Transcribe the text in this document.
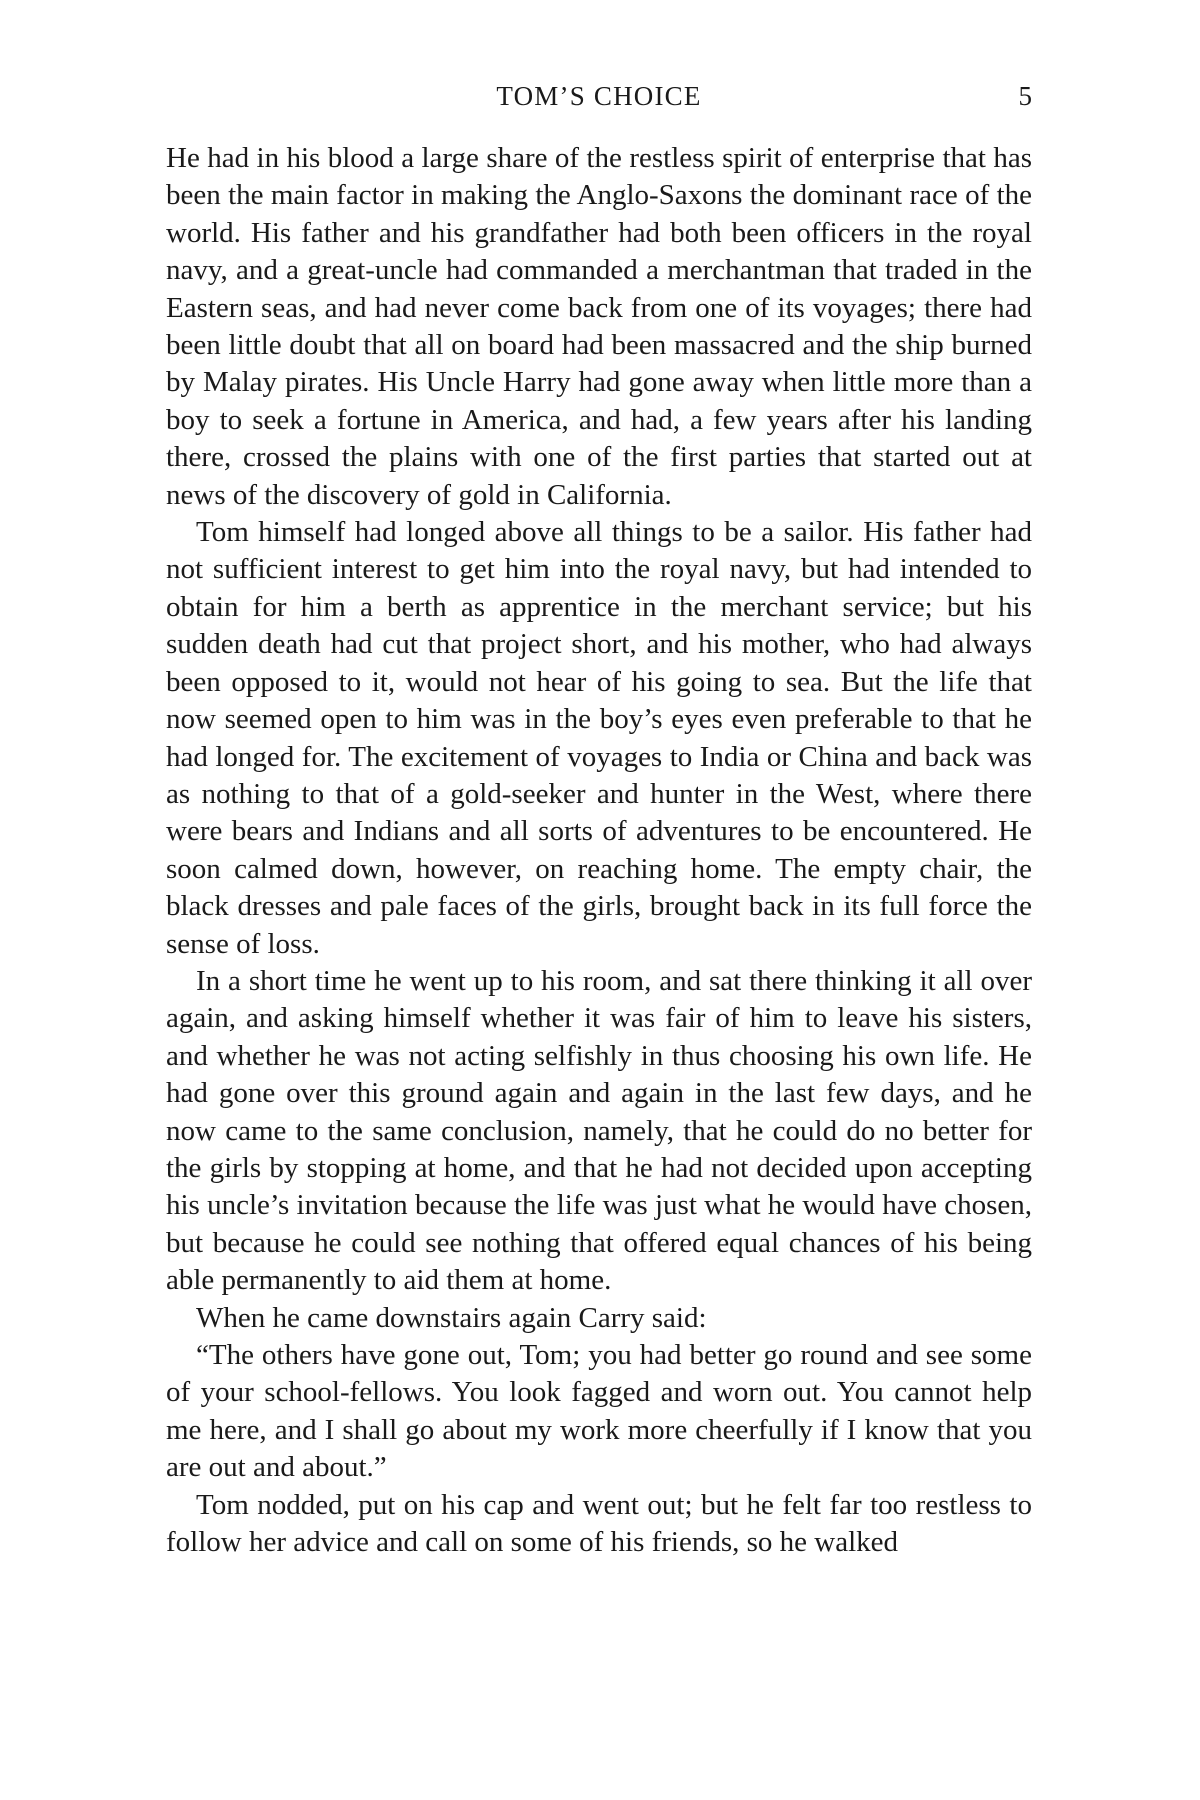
TOM’S CHOICE	5

He had in his blood a large share of the restless spirit of enterprise that has been the main factor in making the Anglo-Saxons the dominant race of the world. His father and his grandfather had both been officers in the royal navy, and a great-uncle had commanded a merchantman that traded in the Eastern seas, and had never come back from one of its voyages; there had been little doubt that all on board had been massacred and the ship burned by Malay pirates. His Uncle Harry had gone away when little more than a boy to seek a fortune in America, and had, a few years after his landing there, crossed the plains with one of the first parties that started out at news of the discovery of gold in California.

Tom himself had longed above all things to be a sailor. His father had not sufficient interest to get him into the royal navy, but had intended to obtain for him a berth as apprentice in the merchant service; but his sudden death had cut that project short, and his mother, who had always been opposed to it, would not hear of his going to sea. But the life that now seemed open to him was in the boy’s eyes even preferable to that he had longed for. The excitement of voyages to India or China and back was as nothing to that of a gold-seeker and hunter in the West, where there were bears and Indians and all sorts of adventures to be encountered. He soon calmed down, however, on reaching home. The empty chair, the black dresses and pale faces of the girls, brought back in its full force the sense of loss.

In a short time he went up to his room, and sat there thinking it all over again, and asking himself whether it was fair of him to leave his sisters, and whether he was not acting selfishly in thus choosing his own life. He had gone over this ground again and again in the last few days, and he now came to the same conclusion, namely, that he could do no better for the girls by stopping at home, and that he had not decided upon accepting his uncle’s invitation because the life was just what he would have chosen, but because he could see nothing that offered equal chances of his being able permanently to aid them at home.

When he came downstairs again Carry said:

“The others have gone out, Tom; you had better go round and see some of your school-fellows. You look fagged and worn out. You cannot help me here, and I shall go about my work more cheerfully if I know that you are out and about.”

Tom nodded, put on his cap and went out; but he felt far too restless to follow her advice and call on some of his friends, so he walked
